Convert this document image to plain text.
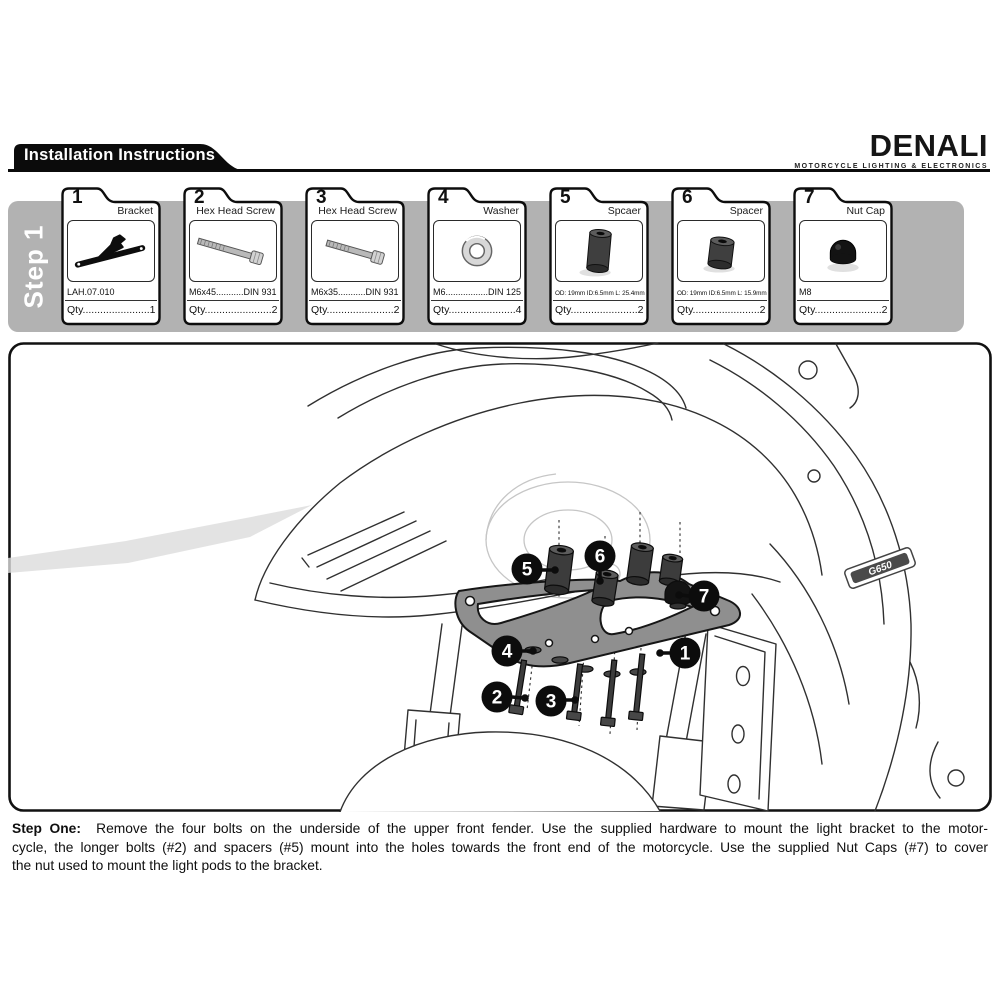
Installation Instructions	DENALI
MOTORCYCLE LIGHTING & ELECTRONICS
Step 1
1
Bracket
LAH.07.010
Qty.......................1
2
Hex Head Screw
M6x45...........DIN 931
Qty.......................2
3
Hex Head Screw
M6x35...........DIN 931
Qty.......................2
4
Washer
M6.................DIN 125
Qty.......................4
5
Spcaer
OD: 19mm ID:6.5mm L: 25.4mm
Qty.......................2
6
Spacer
OD: 19mm ID:6.5mm L: 15.9mm
Qty.......................2
7
Nut Cap
M8
Qty.......................2
G650
1
2 3
4
5
6
7
Step One: Remove the four bolts on the underside of the upper front fender. Use the supplied hardware to mount the light bracket to the motor-
cycle, the longer bolts (#2) and spacers (#5) mount into the holes towards the front end of the motorcycle. Use the supplied Nut Caps (#7) to cover
the nut used to mount the light pods to the bracket.
